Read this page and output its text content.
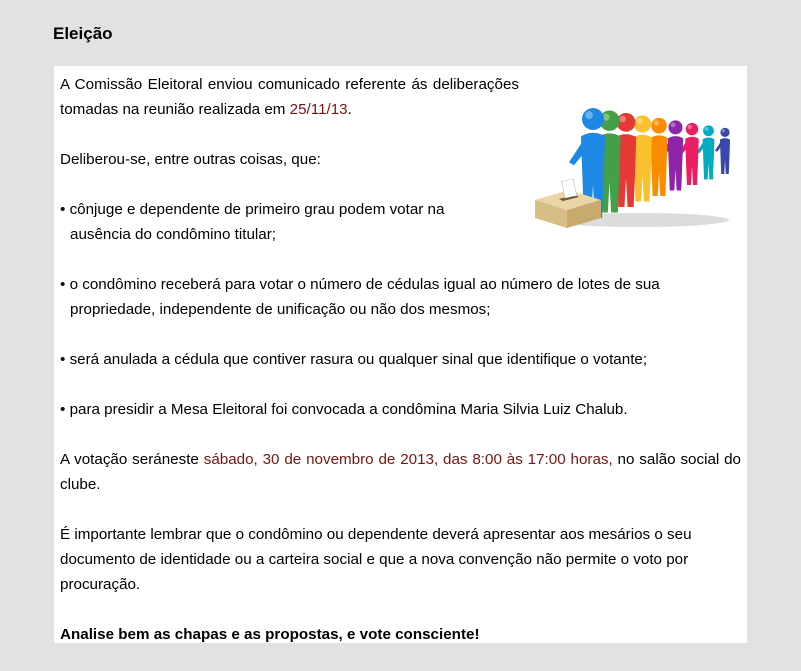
Eleição

A Comissão Eleitoral enviou comunicado referente ás deliberações tomadas na reunião realizada em 25/11/13.

Deliberou-se, entre outras coisas, que:

• cônjuge e dependente de primeiro grau podem votar na

ausência do condômino titular;

• o condômino receberá para votar o número de cédulas igual ao número de lotes de sua

propriedade, independente de unificação ou não dos mesmos;

• será anulada a cédula que contiver rasura ou qualquer sinal que identifique o votante;

• para presidir a Mesa Eleitoral foi convocada a condômina Maria Silvia Luiz Chalub.

A votação seráneste sábado, 30 de novembro de 2013, das 8:00 às 17:00 horas, no salão social do clube.

É importante lembrar que o condômino ou dependente deverá apresentar aos mesários o seu documento de identidade ou a carteira social e que a nova convenção não permite o voto por procuração.

Analise bem as chapas e as propostas, e vote consciente!
